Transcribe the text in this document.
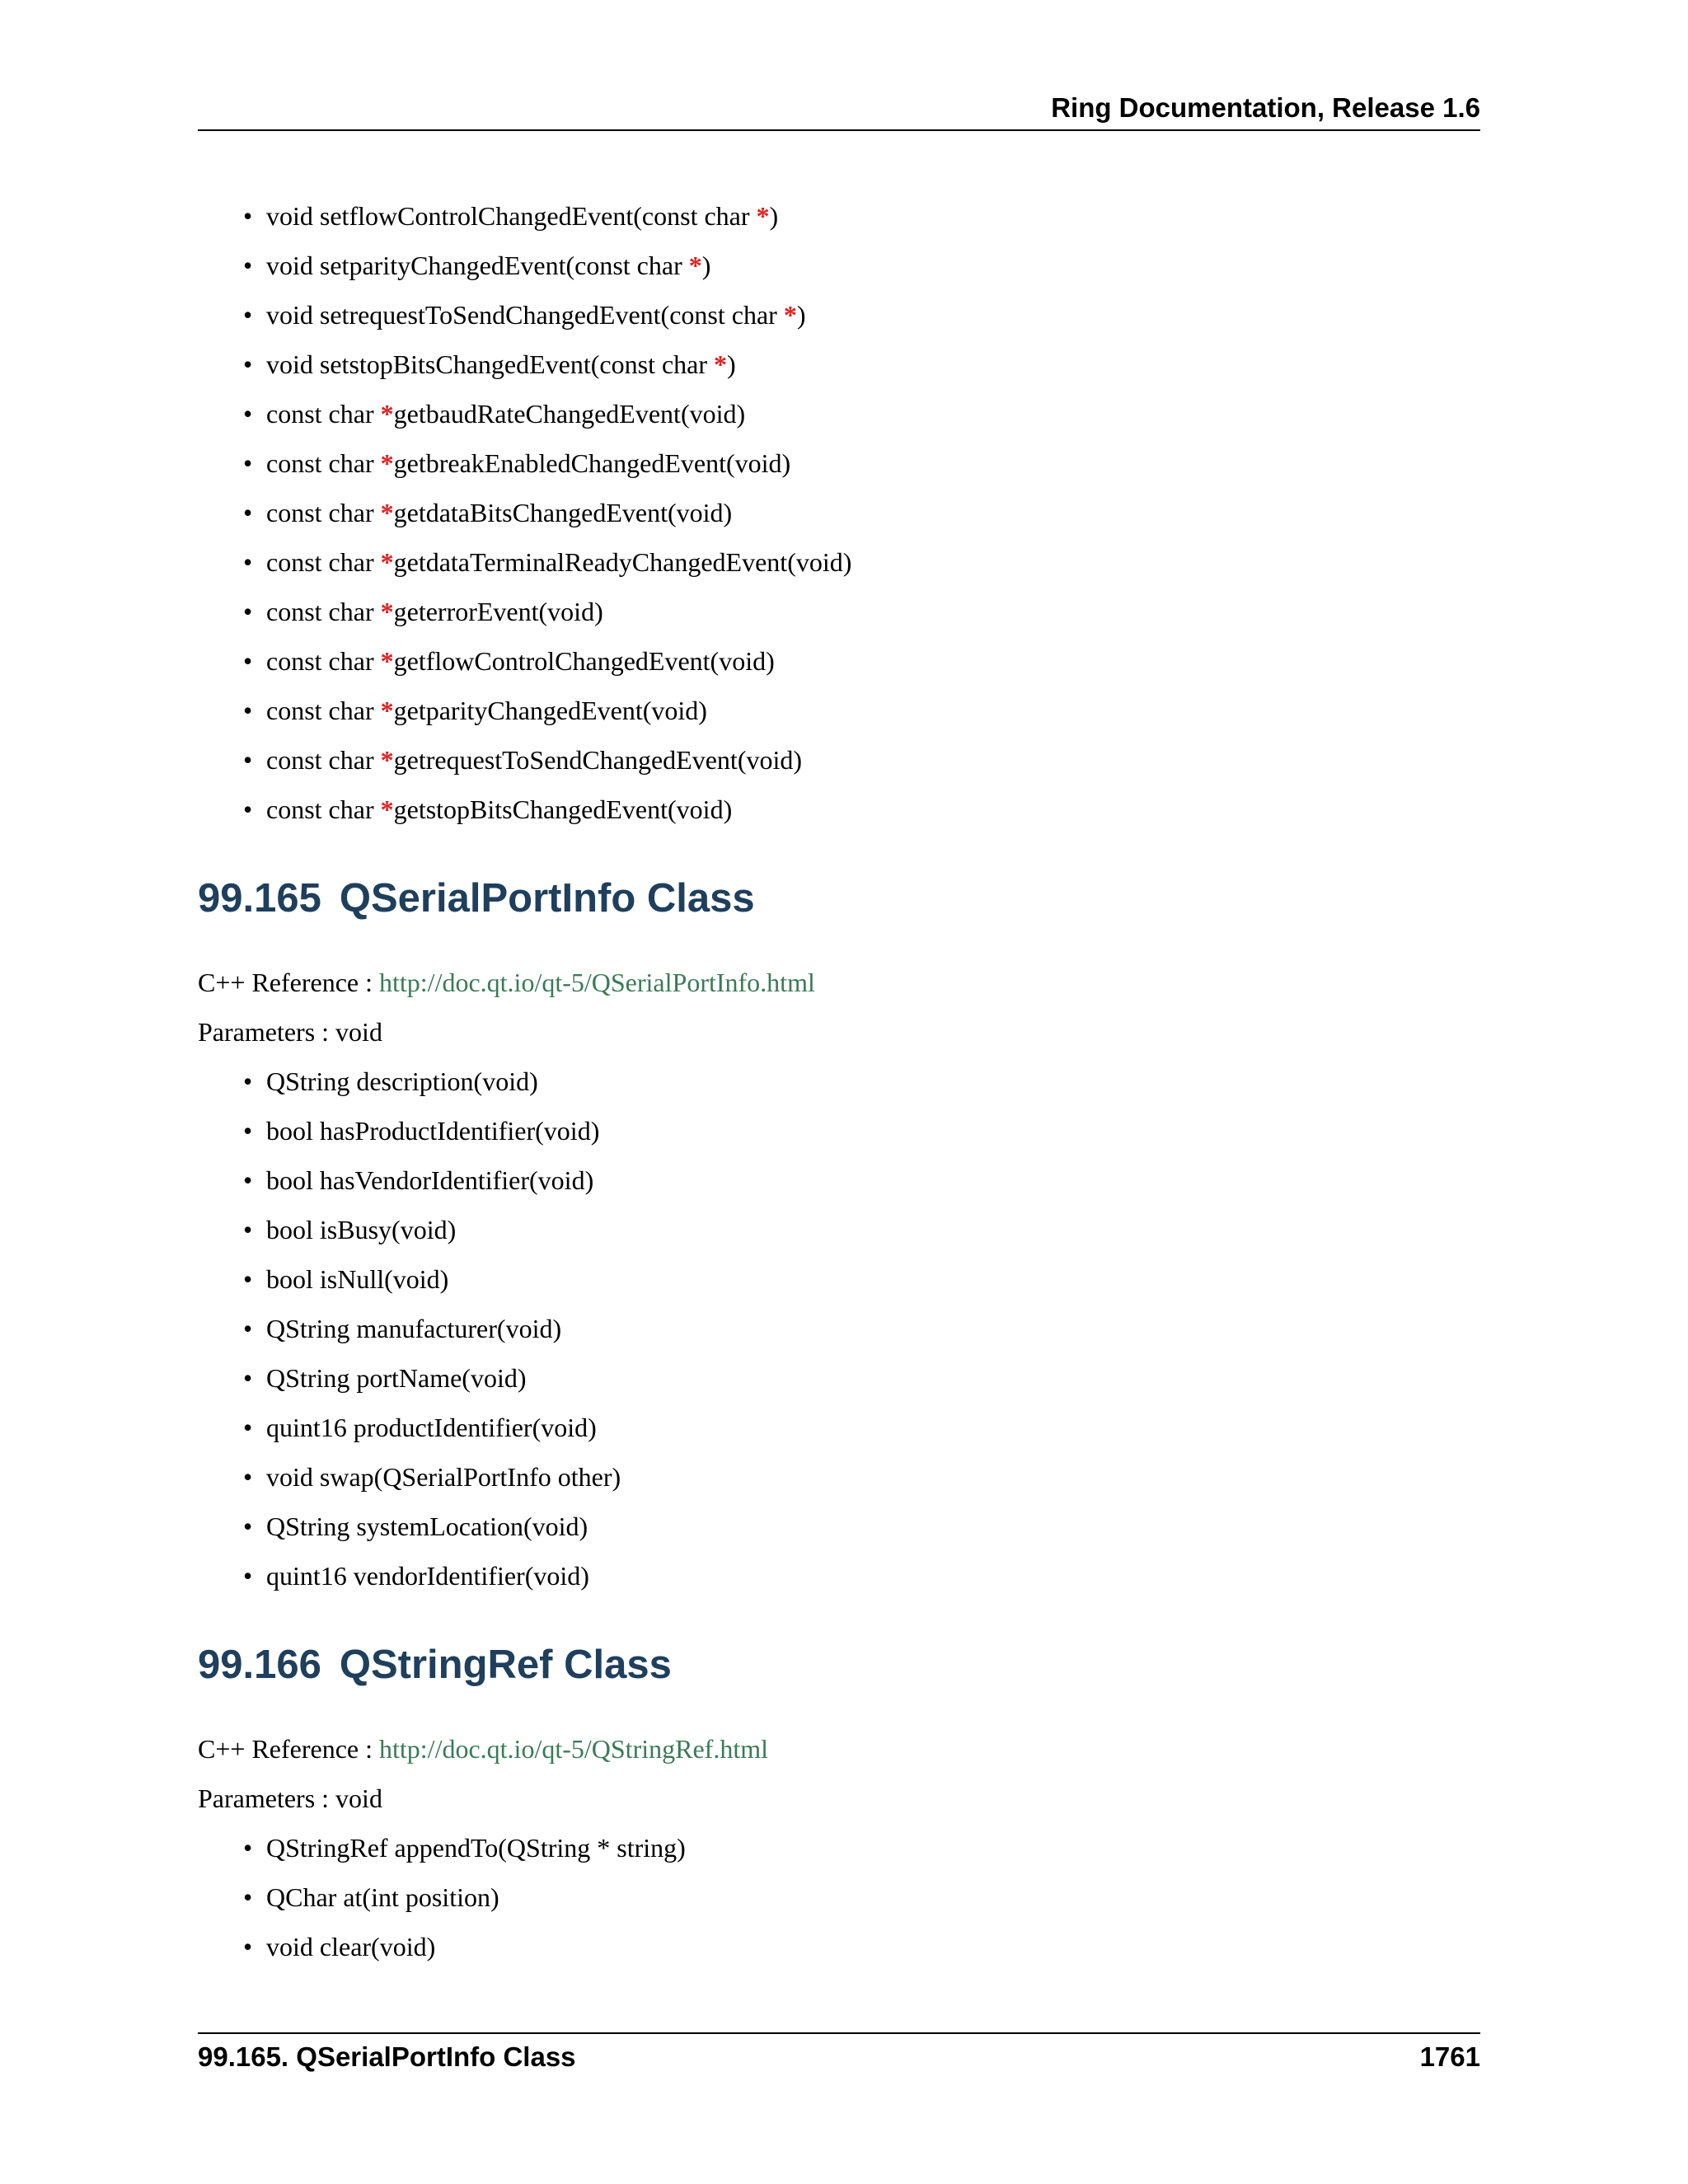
Ring Documentation, Release 1.6
• void setflowControlChangedEvent(const char *)
• void setparityChangedEvent(const char *)
• void setrequestToSendChangedEvent(const char *)
• void setstopBitsChangedEvent(const char *)
• const char *getbaudRateChangedEvent(void)
• const char *getbreakEnabledChangedEvent(void)
• const char *getdataBitsChangedEvent(void)
• const char *getdataTerminalReadyChangedEvent(void)
• const char *geterrorEvent(void)
• const char *getflowControlChangedEvent(void)
• const char *getparityChangedEvent(void)
• const char *getrequestToSendChangedEvent(void)
• const char *getstopBitsChangedEvent(void)
99.165 QSerialPortInfo Class

C++ Reference : http://doc.qt.io/qt-5/QSerialPortInfo.html

Parameters : void

• QString description(void)
• bool hasProductIdentifier(void)
• bool hasVendorIdentifier(void)
• bool isBusy(void)
• bool isNull(void)
• QString manufacturer(void)
• QString portName(void)
• quint16 productIdentifier(void)
• void swap(QSerialPortInfo other)
• QString systemLocation(void)
• quint16 vendorIdentifier(void)
99.166 QStringRef Class

C++ Reference : http://doc.qt.io/qt-5/QStringRef.html

Parameters : void

• QStringRef appendTo(QString * string)
• QChar at(int position)
• void clear(void)
99.165. QSerialPortInfo Class	1761
